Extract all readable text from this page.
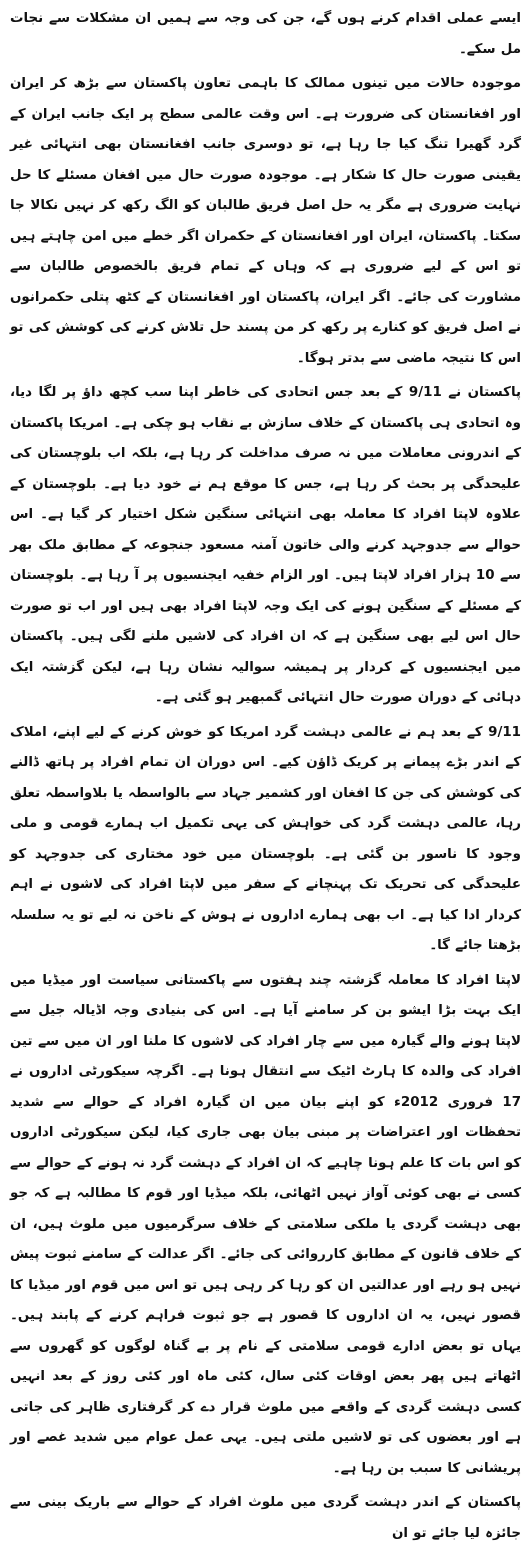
ایسے عملی اقدام کرنے ہوں گے، جن کی وجہ سے ہمیں ان مشکلات سے نجات مل سکے۔

موجودہ حالات میں تینوں ممالک کا باہمی تعاون پاکستان سے بڑھ کر ایران اور افغانستان کی ضرورت ہے۔ اس وقت عالمی سطح پر ایک جانب ایران کے گرد گھیرا تنگ کیا جا رہا ہے، تو دوسری جانب افغانستان بھی انتہائی غیر یقینی صورت حال کا شکار ہے۔ موجودہ صورت حال میں افغان مسئلے کا حل نہایت ضروری ہے مگر یہ حل اصل فریق طالبان کو الگ رکھ کر نہیں نکالا جا سکتا۔ پاکستان، ایران اور افغانستان کے حکمران اگر خطے میں امن چاہتے ہیں تو اس کے لیے ضروری ہے کہ وہاں کے تمام فریق بالخصوص طالبان سے مشاورت کی جائے۔ اگر ایران، پاکستان اور افغانستان کے کٹھ پتلی حکمرانوں نے اصل فریق کو کنارے پر رکھ کر من پسند حل تلاش کرنے کی کوشش کی تو اس کا نتیجہ ماضی سے بدتر ہوگا۔

پاکستان نے 9/11 کے بعد جس اتحادی کی خاطر اپنا سب کچھ داؤ پر لگا دیا، وہ اتحادی ہی پاکستان کے خلاف سازش بے نقاب ہو چکی ہے۔ امریکا پاکستان کے اندرونی معاملات میں نہ صرف مداخلت کر رہا ہے، بلکہ اب بلوچستان کی علیحدگی پر بحث کر رہا ہے، جس کا موقع ہم نے خود دیا ہے۔ بلوچستان کے علاوہ لاپتا افراد کا معاملہ بھی انتہائی سنگین شکل اختیار کر گیا ہے۔ اس حوالے سے جدوجہد کرنے والی خاتون آمنہ مسعود جنجوعہ کے مطابق ملک بھر سے 10 ہزار افراد لاپتا ہیں۔ اور الزام خفیہ ایجنسیوں پر آ رہا ہے۔ بلوچستان کے مسئلے کے سنگین ہونے کی ایک وجہ لاپتا افراد بھی ہیں اور اب تو صورت حال اس لیے بھی سنگین ہے کہ ان افراد کی لاشیں ملنے لگی ہیں۔ پاکستان میں ایجنسیوں کے کردار پر ہمیشہ سوالیہ نشان رہا ہے، لیکن گزشتہ ایک دہائی کے دوران صورت حال انتہائی گمبھیر ہو گئی ہے۔

9/11 کے بعد ہم نے عالمی دہشت گرد امریکا کو خوش کرنے کے لیے اپنے، املاک کے اندر بڑے پیمانے پر کریک ڈاؤن کیے۔ اس دوران ان تمام افراد پر ہاتھ ڈالنے کی کوشش کی جن کا افغان اور کشمیر جہاد سے بالواسطہ یا بلاواسطہ تعلق رہا، عالمی دہشت گرد کی خواہش کی یہی تکمیل اب ہمارے قومی و ملی وجود کا ناسور بن گئی ہے۔ بلوچستان میں خود مختاری کی جدوجہد کو علیحدگی کی تحریک تک پہنچانے کے سفر میں لاپتا افراد کی لاشوں نے اہم کردار ادا کیا ہے۔ اب بھی ہمارے اداروں نے ہوش کے ناخن نہ لیے تو یہ سلسلہ بڑھتا جائے گا۔

لاپتا افراد کا معاملہ گزشتہ چند ہفتوں سے پاکستانی سیاست اور میڈیا میں ایک بہت بڑا ایشو بن کر سامنے آیا ہے۔ اس کی بنیادی وجہ اڈیالہ جیل سے لاپتا ہونے والے گیارہ میں سے چار افراد کی لاشوں کا ملنا اور ان میں سے تین افراد کی والدہ کا ہارٹ اٹیک سے انتقال ہونا ہے۔ اگرچہ سیکورٹی اداروں نے 17 فروری 2012ء کو اپنے بیان میں ان گیارہ افراد کے حوالے سے شدید تحفظات اور اعتراضات پر مبنی بیان بھی جاری کیا، لیکن سیکورٹی اداروں کو اس بات کا علم ہونا چاہیے کہ ان افراد کے دہشت گرد نہ ہونے کے حوالے سے کسی نے بھی کوئی آواز نہیں اٹھائی، بلکہ میڈیا اور قوم کا مطالبہ ہے کہ جو بھی دہشت گردی یا ملکی سلامتی کے خلاف سرگرمیوں میں ملوث ہیں، ان کے خلاف قانون کے مطابق کارروائی کی جائے۔ اگر عدالت کے سامنے ثبوت پیش نہیں ہو رہے اور عدالتیں ان کو رہا کر رہی ہیں تو اس میں قوم اور میڈیا کا قصور نہیں، یہ ان اداروں کا قصور ہے جو ثبوت فراہم کرنے کے پابند ہیں۔ یہاں تو بعض ادارے قومی سلامتی کے نام پر بے گناہ لوگوں کو گھروں سے اٹھاتے ہیں پھر بعض اوقات کئی سال، کئی ماہ اور کئی روز کے بعد انہیں کسی دہشت گردی کے واقعے میں ملوث قرار دے کر گرفتاری ظاہر کی جاتی ہے اور بعضوں کی تو لاشیں ملتی ہیں۔ یہی عمل عوام میں شدید غصے اور پریشانی کا سبب بن رہا ہے۔

پاکستان کے اندر دہشت گردی میں ملوث افراد کے حوالے سے باریک بینی سے جائزہ لیا جائے تو ان
